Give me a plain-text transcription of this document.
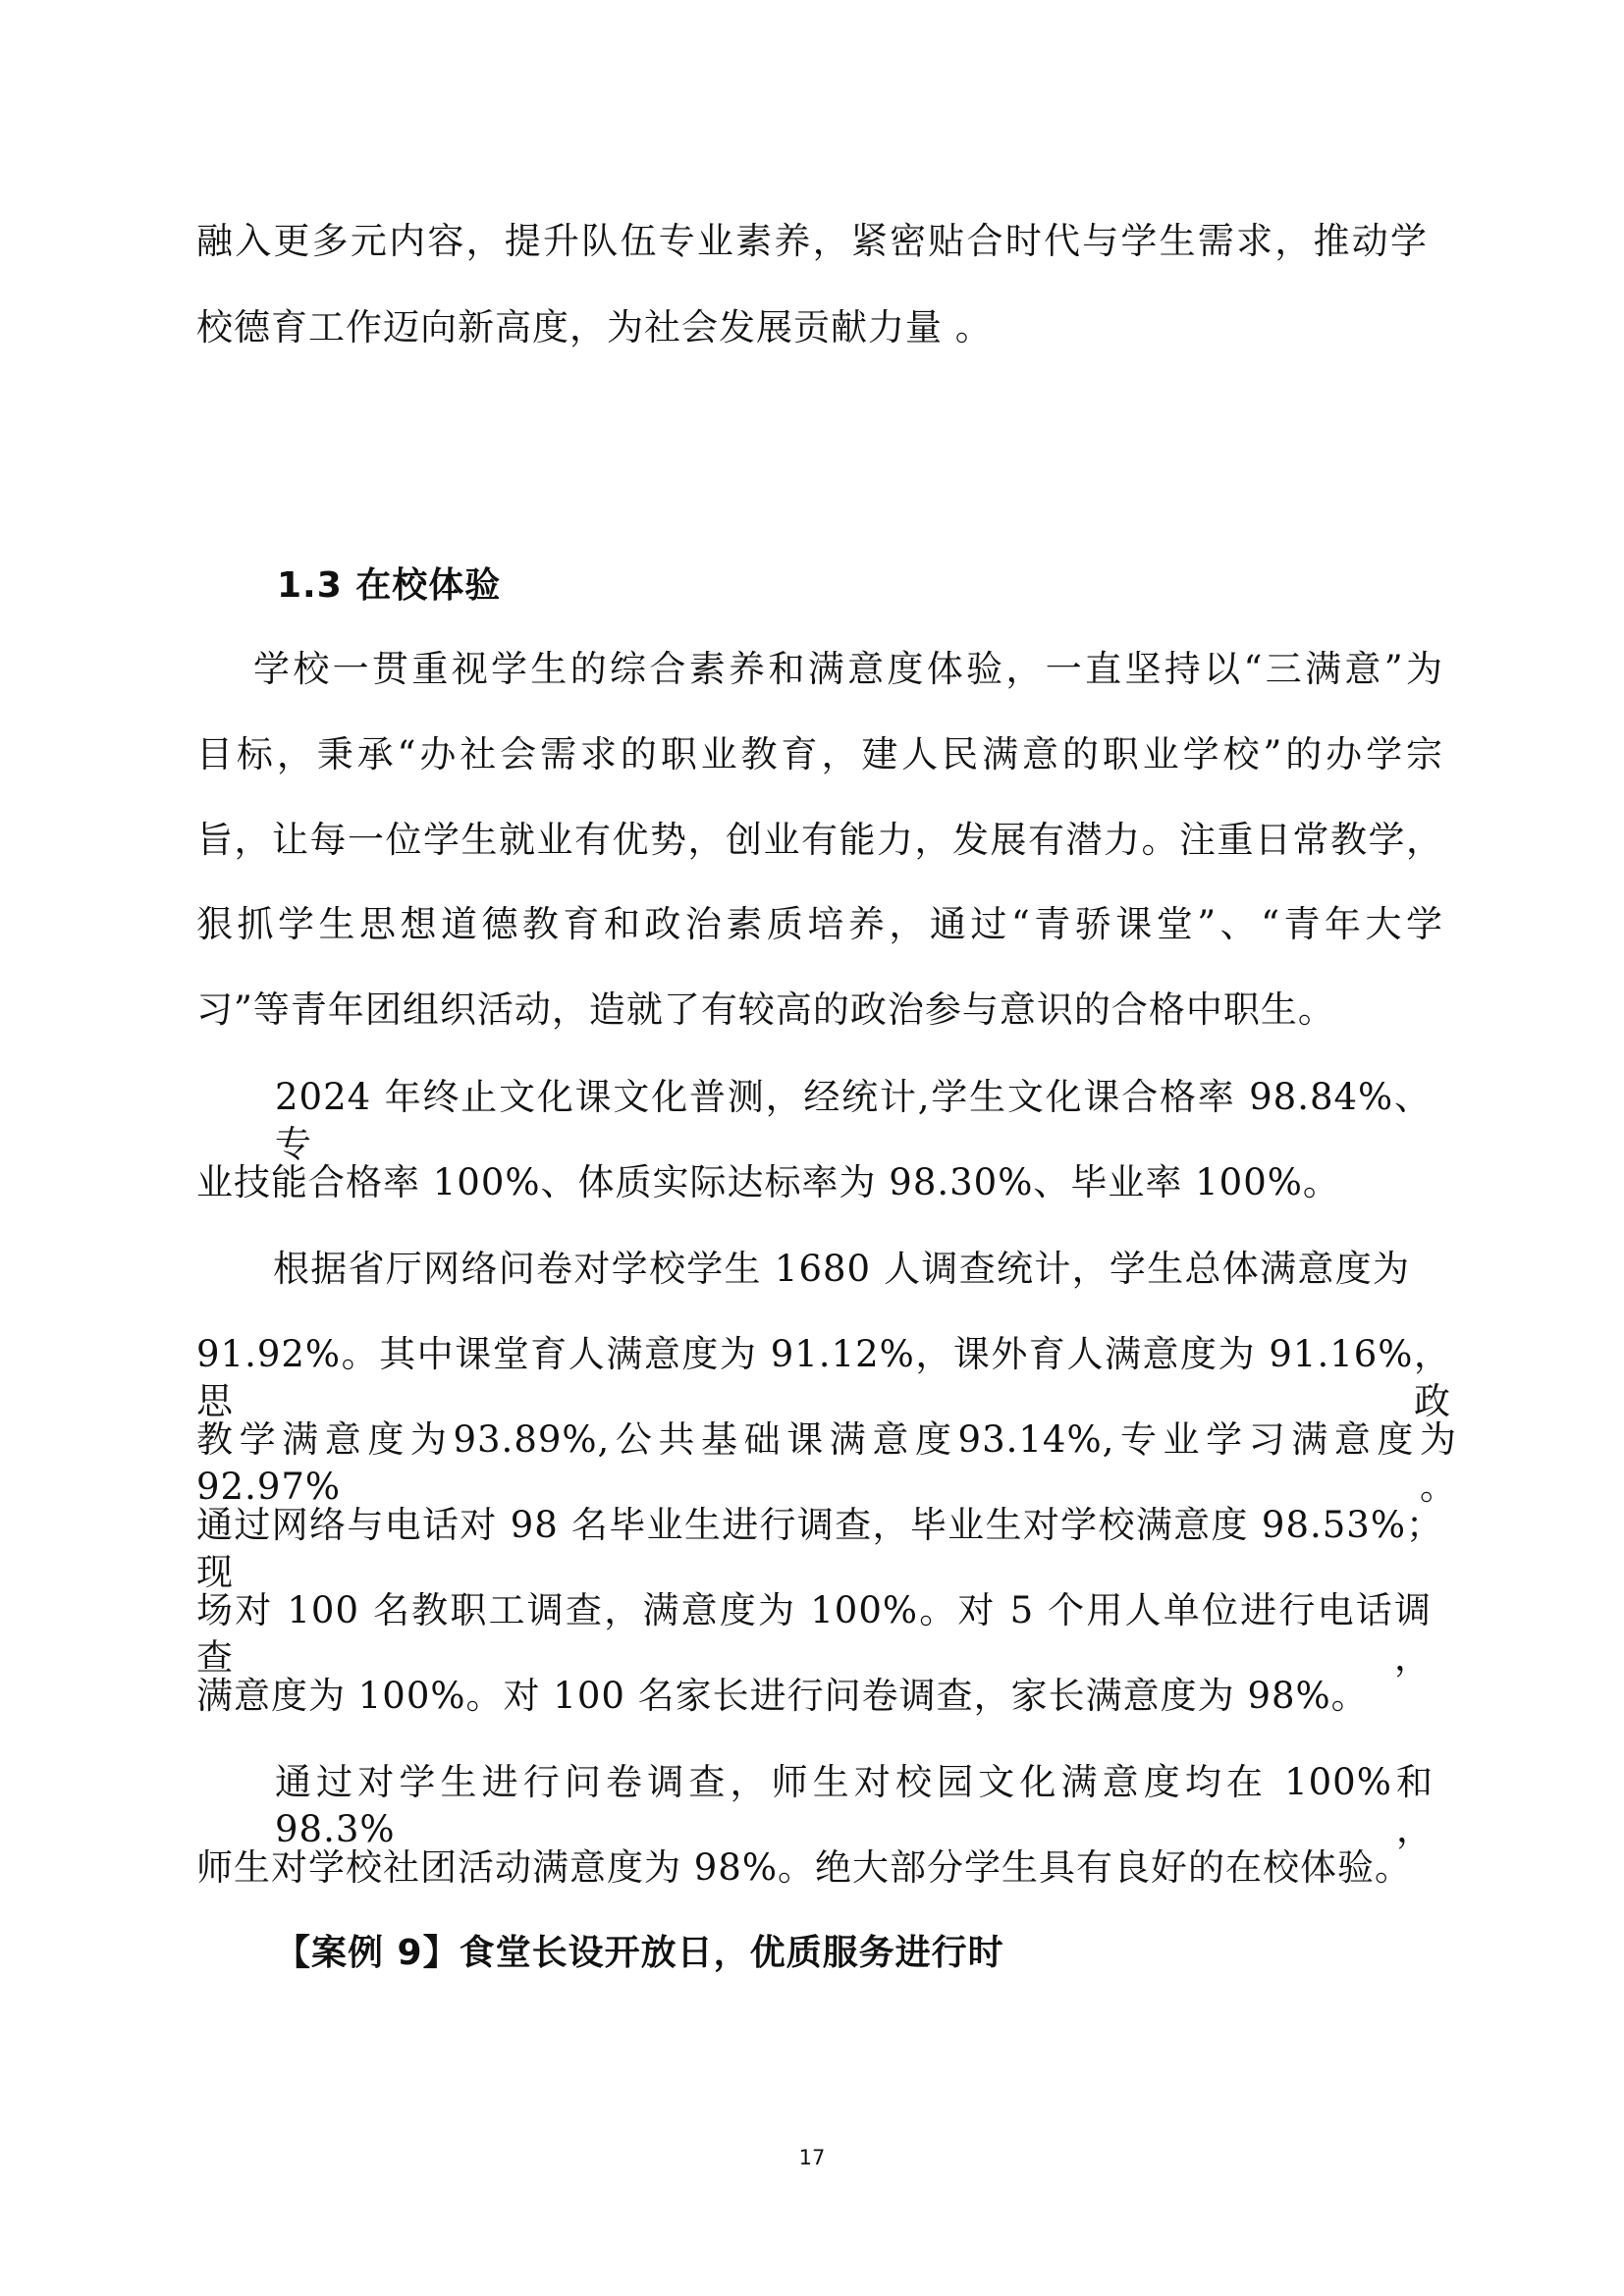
融入更多元内容，提升队伍专业素养，紧密贴合时代与学生需求，推动学
校德育工作迈向新高度，为社会发展贡献力量 。
1.3 在校体验
学校一贯重视学生的综合素养和满意度体验，一直坚持以“三满意”为
目标，秉承“办社会需求的职业教育，建人民满意的职业学校”的办学宗
旨，让每一位学生就业有优势，创业有能力，发展有潜力。注重日常教学，
狠抓学生思想道德教育和政治素质培养，通过“青骄课堂”、“青年大学
习”等青年团组织活动，造就了有较高的政治参与意识的合格中职生。
2024 年终止文化课文化普测，经统计,学生文化课合格率 98.84%、专
业技能合格率 100%、体质实际达标率为 98.30%、毕业率 100%。
根据省厅网络问卷对学校学生 1680 人调查统计，学生总体满意度为
91.92%。其中课堂育人满意度为 91.12%，课外育人满意度为 91.16%，思政
教学满意度为93.89%,公共基础课满意度93.14%,专业学习满意度为92.97%。
通过网络与电话对 98 名毕业生进行调查，毕业生对学校满意度 98.53%；现
场对 100 名教职工调查，满意度为 100%。对 5 个用人单位进行电话调查，
满意度为 100%。对 100 名家长进行问卷调查，家长满意度为 98%。
通过对学生进行问卷调查，师生对校园文化满意度均在 100%和 98.3%，
师生对学校社团活动满意度为 98%。绝大部分学生具有良好的在校体验。
【案例 9】食堂长设开放日，优质服务进行时
17
